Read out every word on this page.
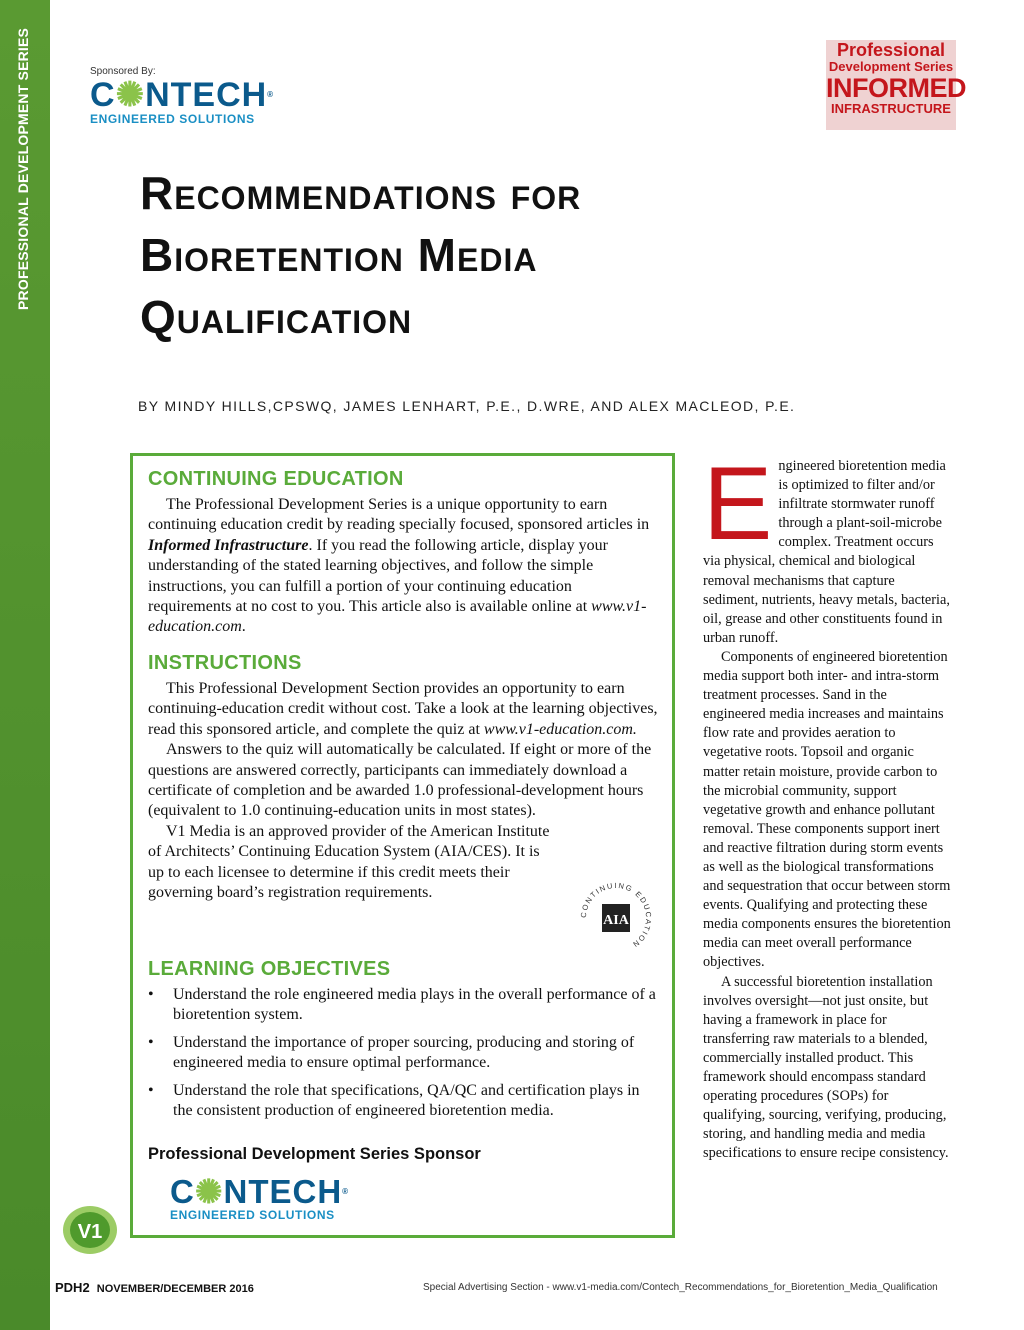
PROFESSIONAL DEVELOPMENT SERIES	Sponsored By:
C✺NTECH®
ENGINEERED SOLUTIONS
Professional
Development Series
INFORMED
INFRASTRUCTURE
Recommendations for
Bioretention Media
Qualification
BY MINDY HILLS,CPSWQ, JAMES LENHART, P.E., D.WRE, AND ALEX MACLEOD, P.E.
CONTINUING EDUCATION

The Professional Development Series is a unique opportunity to earn continuing education credit by reading specially focused, sponsored articles in Informed Infrastructure. If you read the following article, display your understanding of the stated learning objectives, and follow the simple instructions, you can fulfill a portion of your continuing education requirements at no cost to you. This article also is available online at www.v1-education.com.

INSTRUCTIONS

This Professional Development Section provides an opportunity to earn continuing-education credit without cost. Take a look at the learning objectives, read this sponsored article, and complete the quiz at www.v1-education.com.

Answers to the quiz will automatically be calculated. If eight or more of the questions are answered correctly, participants can immediately download a certificate of completion and be awarded 1.0 professional-development hours (equivalent to 1.0 continuing-education units in most states).

V1 Media is an approved provider of the American Institute of Architects’ Continuing Education System (AIA/CES). It is up to each licensee to determine if this credit meets their governing board’s registration requirements.

CONTINUING EDUCATION
AIA
LEARNING OBJECTIVES
• Understand the role engineered media plays in the overall performance of a bioretention system.
• Understand the importance of proper sourcing, producing and storing of engineered media to ensure optimal performance.
• Understand the role that specifications, QA/QC and certification plays in the consistent production of engineered bioretention media.
Professional Development Series Sponsor
C✺NTECH®
ENGINEERED SOLUTIONS

Engineered bioretention media is optimized to filter and/or infiltrate stormwater runoff through a plant-soil-microbe complex. Treatment occurs via physical, chemical and biological removal mechanisms that capture sediment, nutrients, heavy metals, bacteria, oil, grease and other constituents found in urban runoff.

Components of engineered bioretention media support both inter- and intra-storm treatment processes. Sand in the engineered media increases and maintains flow rate and provides aeration to vegetative roots. Topsoil and organic matter retain moisture, provide carbon to the microbial community, support vegetative growth and enhance pollutant removal. These components support inert and reactive filtration during storm events as well as the biological transformations and sequestration that occur between storm events. Qualifying and protecting these media components ensures the bioretention media can meet overall performance objectives.

A successful bioretention installation involves oversight—not just onsite, but having a framework in place for transferring raw materials to a blended, commercially installed product. This framework should encompass standard operating procedures (SOPs) for qualifying, sourcing, verifying, producing, storing, and handling media and media specifications to ensure recipe consistency.

V1
PDH2 NOVEMBER/DECEMBER 2016	Special Advertising Section - www.v1-media.com/Contech_Recommendations_for_Bioretention_Media_Qualification
